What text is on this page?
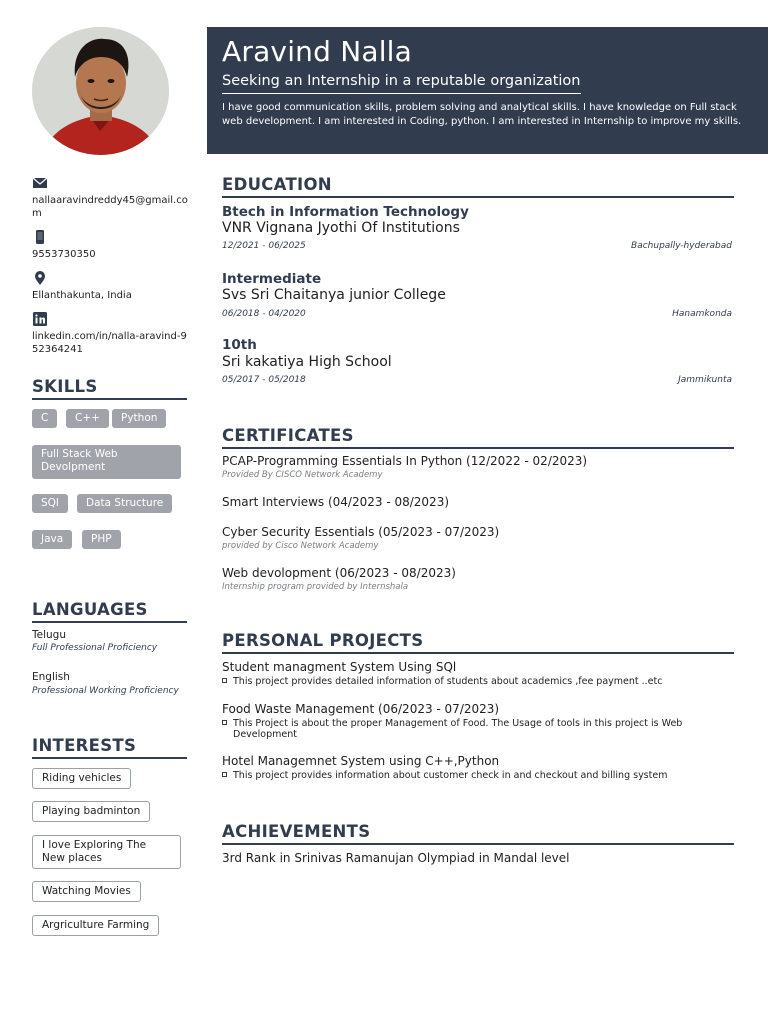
Aravind Nalla
Seeking an Internship in a reputable organization
I have good communication skills, problem solving and analytical skills. I have knowledge on Full stack web development. I am interested in Coding, python. I am interested in Internship to improve my skills.
nallaaravindreddy45@gmail.com
9553730350
Ellanthakunta, India
linkedin.com/in/nalla-aravind-952364241
SKILLS
C	C++	Python
Full Stack Web Devolpment
SQl	Data Structure
Java	PHP
LANGUAGES
Telugu
Full Professional Proficiency
English
Professional Working Proficiency
INTERESTS
Riding vehicles
Playing badminton
I love Exploring The New places
Watching Movies
Argriculture Farming
EDUCATION
Btech in Information Technology
VNR Vignana Jyothi Of Institutions
12/2021 - 06/2025	Bachupally-hyderabad
Intermediate
Svs Sri Chaitanya junior College
06/2018 - 04/2020	Hanamkonda
10th
Sri kakatiya High School
05/2017 - 05/2018	Jammikunta
CERTIFICATES
PCAP-Programming Essentials In Python (12/2022 - 02/2023)
Provided By CISCO Network Academy
Smart Interviews (04/2023 - 08/2023)
Cyber Security Essentials (05/2023 - 07/2023)
provided by Cisco Network Academy
Web devolopment (06/2023 - 08/2023)
Internship program provided by Internshala
PERSONAL PROJECTS
Student managment System Using SQl
This project provides detailed information of students about academics ,fee payment ..etc
Food Waste Management (06/2023 - 07/2023)
This Project is about the proper Management of Food. The Usage of tools in this project is Web Development
Hotel Managemnet System using C++,Python
This project provides information about customer check in and checkout and billing system
ACHIEVEMENTS
3rd Rank in Srinivas Ramanujan Olympiad in Mandal level
